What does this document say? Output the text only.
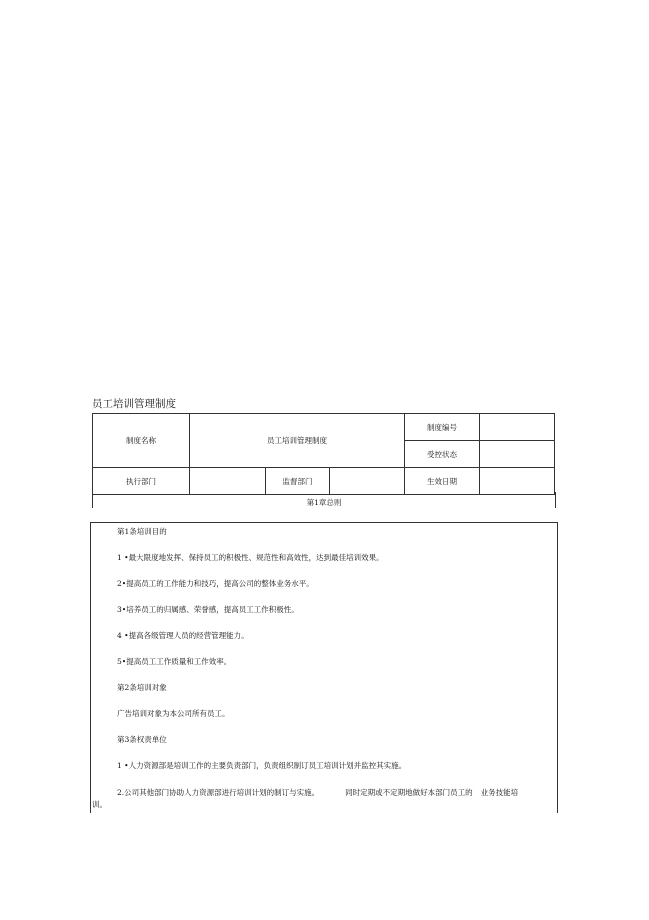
员工培训管理制度
制度名称	员工培训管理制度			制度编号	
				受控状态	
执行部门		监督部门		生效日期	
第1章总则
第1条培训目的
1 •最大限度地发挥、保持员工的积极性、规范性和高效性，达到最佳培训效果。
2•提高员工的工作能力和技巧，提高公司的整体业务水平。
3•培养员工的归属感、荣誉感，提高员工工作积极性。
4 •提高各级管理人员的经营管理能力。
5•提高员工工作质量和工作效率。
第2条培训对象
广告培训对象为本公司所有员工。
第3条权责单位
1 •人力资源部是培训工作的主要负责部门，负责组织制订员工培训计划并监控其实施。
2.公司其他部门协助人力资源部进行培训计划的制订与实施。	同时定期或不定期地做好本部门员工的 业务技能培
训。
